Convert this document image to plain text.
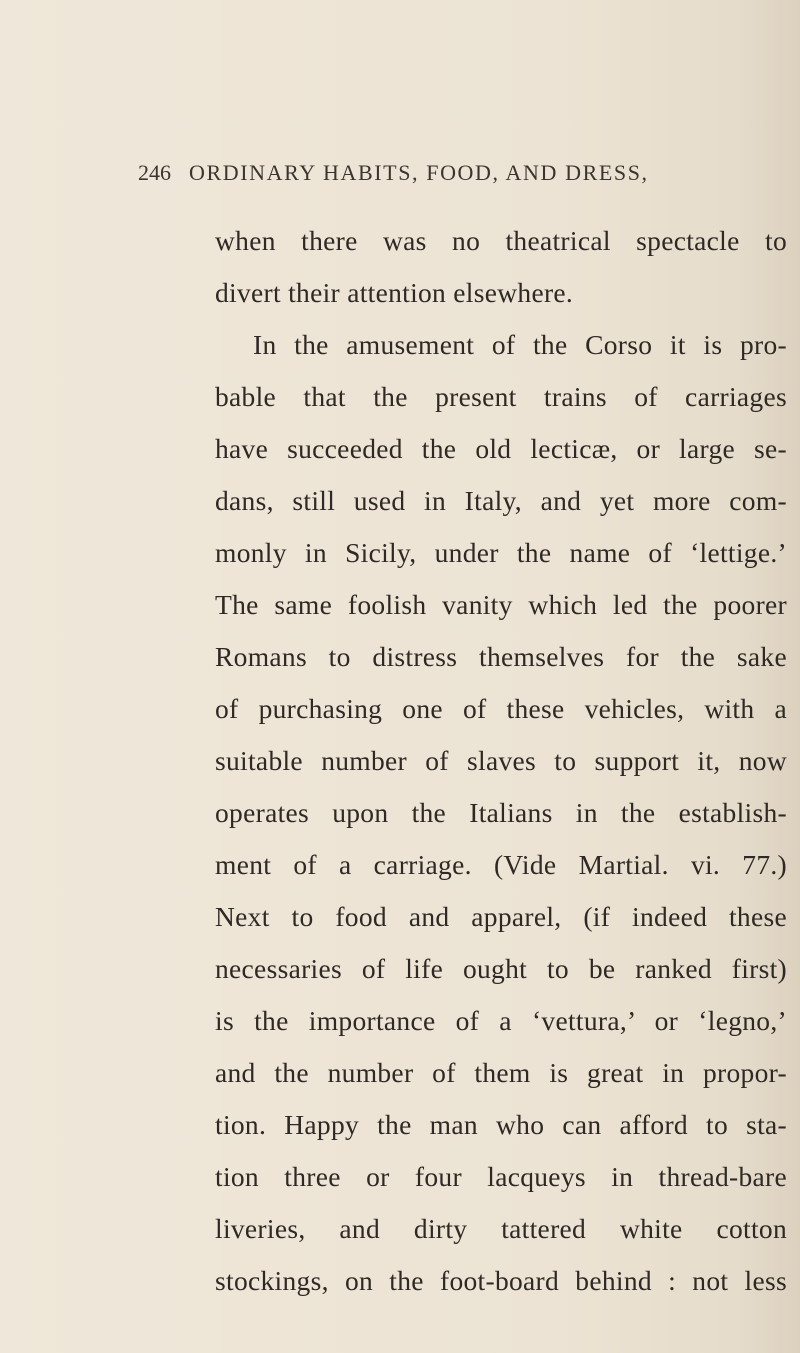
246 ORDINARY HABITS, FOOD, AND DRESS,
when there was no theatrical spectacle to
divert their attention elsewhere.
In the amusement of the Corso it is pro-
bable that the present trains of carriages
have succeeded the old lecticæ, or large se-
dans, still used in Italy, and yet more com-
monly in Sicily, under the name of ‘lettige.’
The same foolish vanity which led the poorer
Romans to distress themselves for the sake
of purchasing one of these vehicles, with a
suitable number of slaves to support it, now
operates upon the Italians in the establish-
ment of a carriage. (Vide Martial. vi. 77.)
Next to food and apparel, (if indeed these
necessaries of life ought to be ranked first)
is the importance of a ‘vettura,’ or ‘legno,’
and the number of them is great in propor-
tion. Happy the man who can afford to sta-
tion three or four lacqueys in thread-bare
liveries, and dirty tattered white cotton
stockings, on the foot-board behind : not less
